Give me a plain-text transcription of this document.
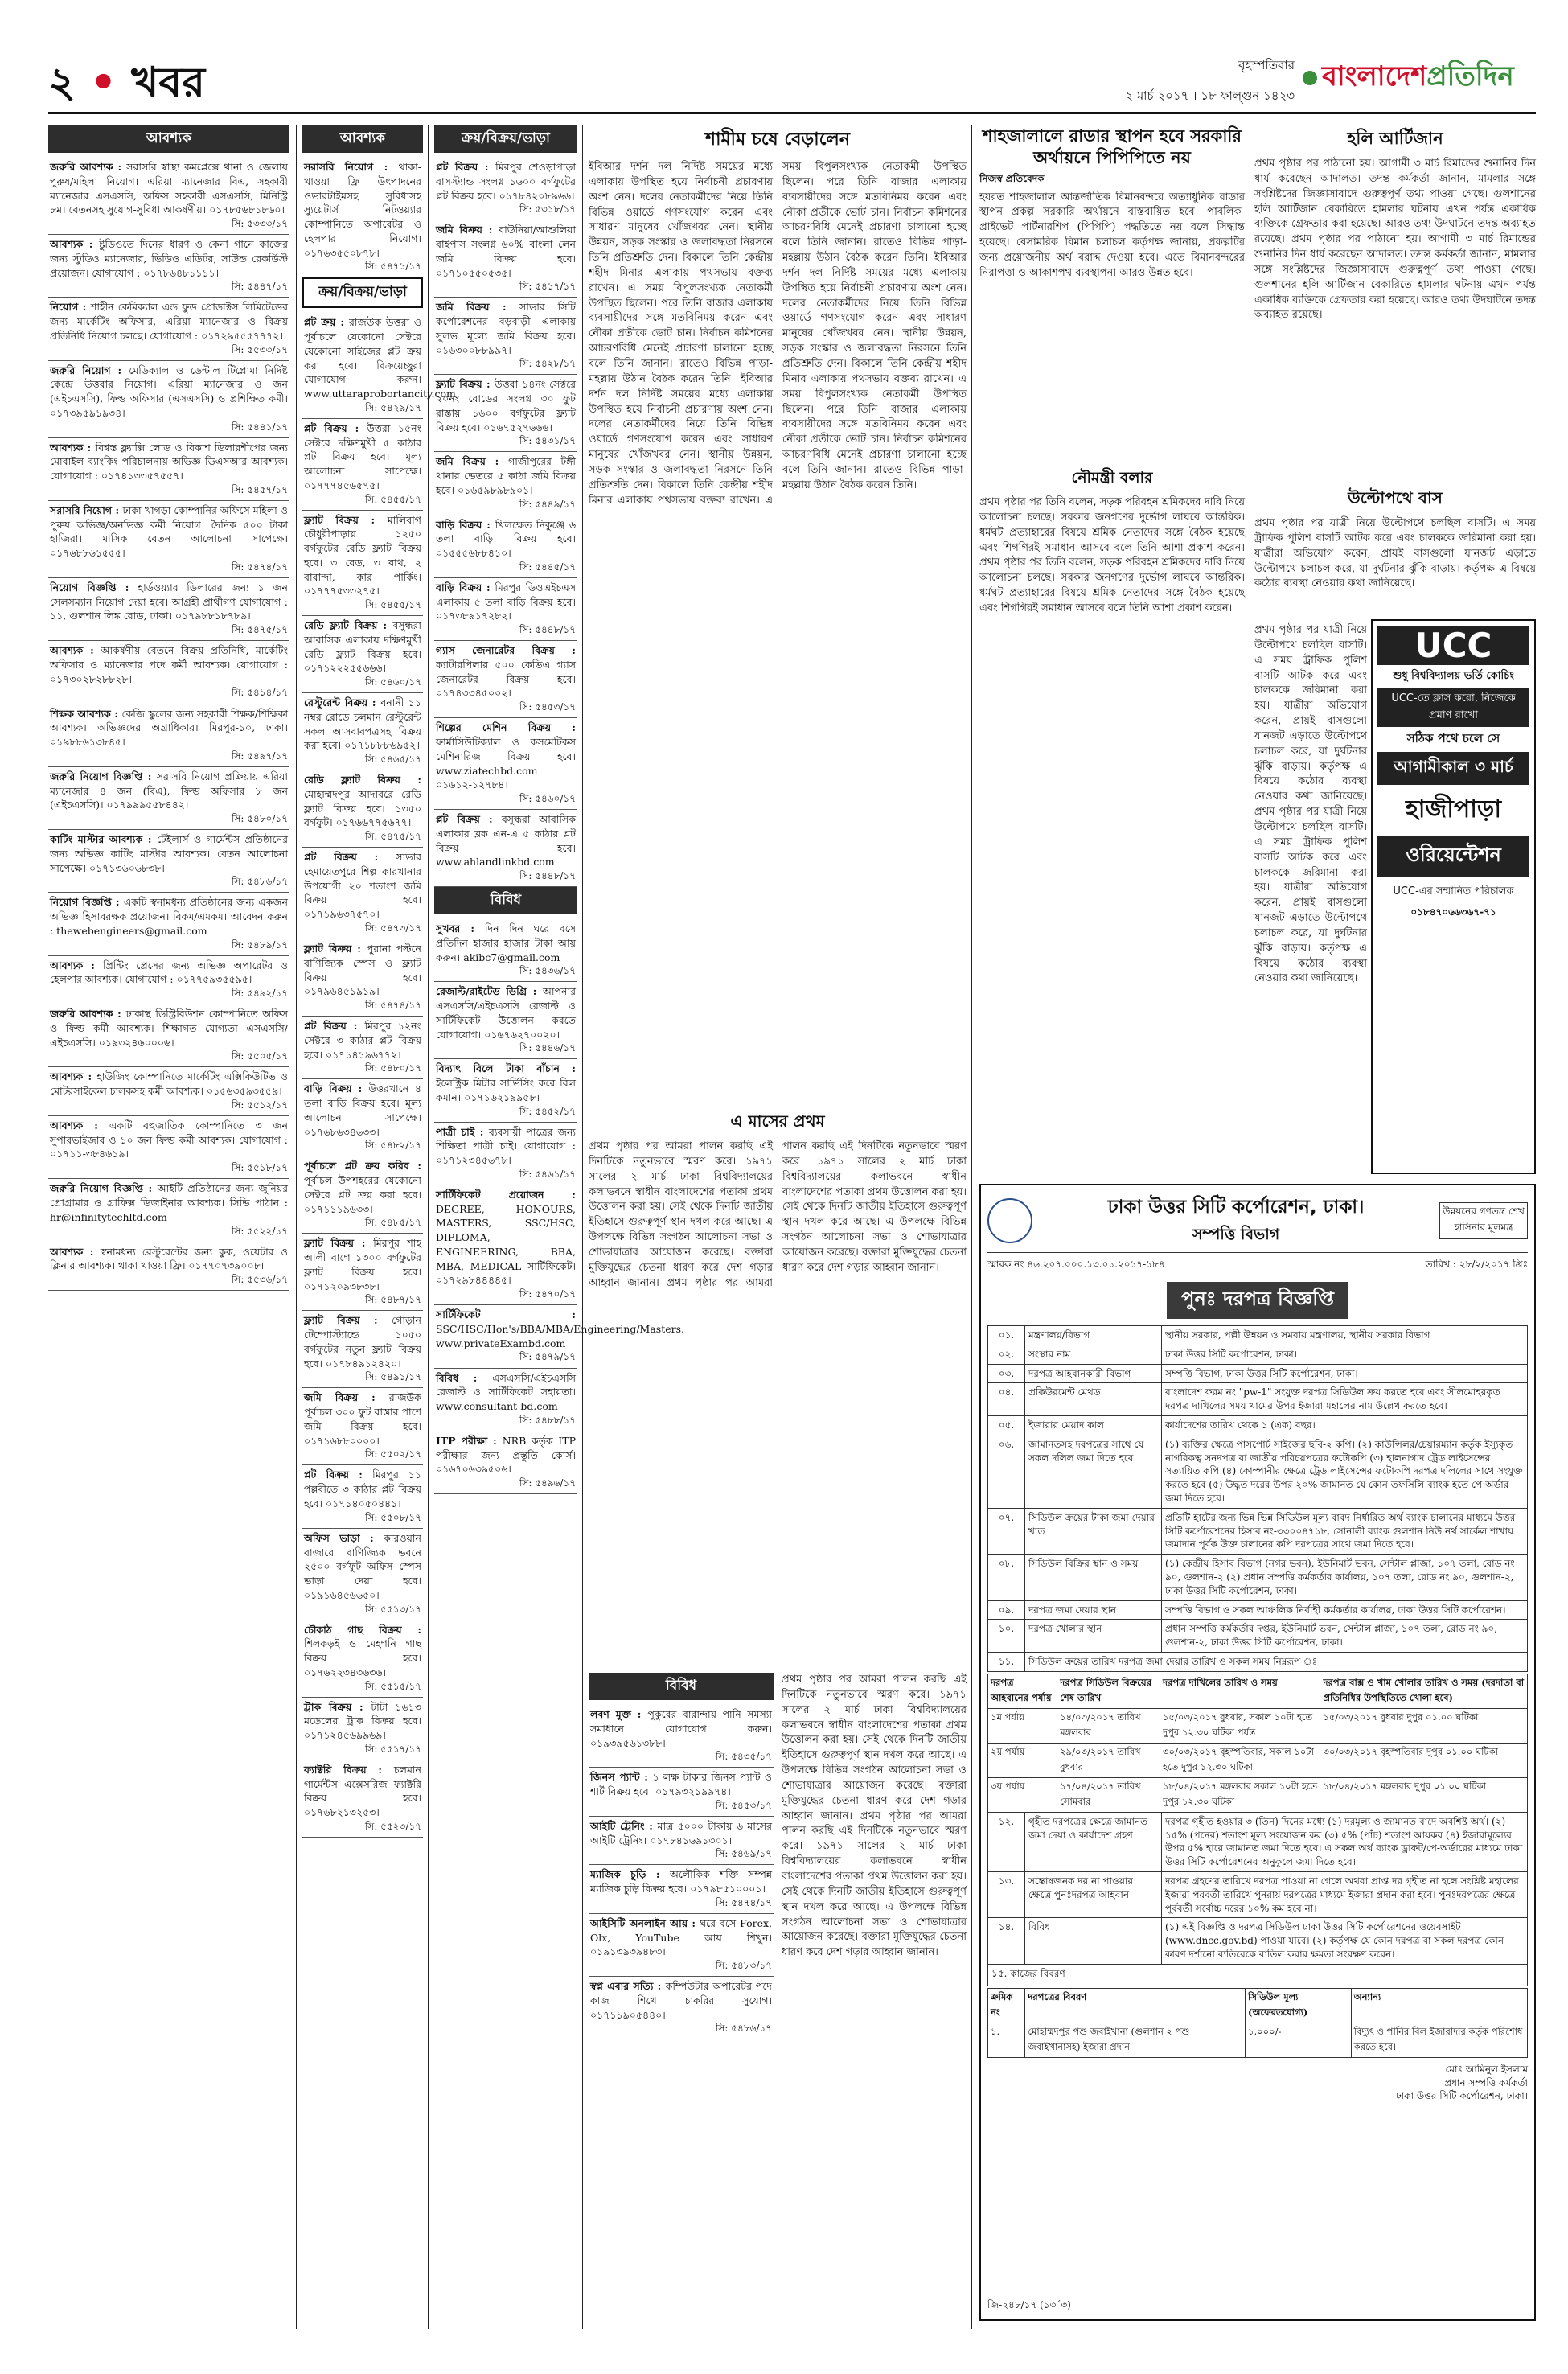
২ • খবর	বৃহস্পতিবার
২ মার্চ ২০১৭ । ১৮ ফাল্গুন ১৪২৩
বাংলাদেশ প্রতিদিন
আবশ্যক
জরুরি আবশ্যক : সরাসরি স্বাস্থ্য কমপ্লেক্সে থানা ও জেলায় পুরুষ/মহিলা নিয়োগ। এরিয়া ম্যানেজার বিএ, সহকারী ম্যানেজার এসএসসি, অফিস সহকারী এসএসসি, মিনিস্ট্রি ৮ম। বেতনসহ সুযোগ-সুবিধা আকর্ষণীয়। ০১৭৮৫৬৮১৮৬০।
সি: ৫৩৩৩/১৭
আবশ্যক : ষ্টুডিওতে দিনের ধারণ ও কেনা গানে কাজের জন্য স্টুডিও ম্যানেজার, ভিডিও এডিটর, সাউন্ড রেকর্ডিস্ট প্রয়োজন। যোগাযোগ : ০১৭৮৬৪৮১১১১।
সি: ৫৪৪৭/১৭
নিয়োগ : শাহীন কেমিক্যাল এন্ড ফুড প্রোডাক্টস লিমিটেডের জন্য মার্কেটিং অফিসার, এরিয়া ম্যানেজার ও বিক্রয় প্রতিনিধি নিয়োগ চলছে। যোগাযোগ : ০১৭২৯৫৫৫৭৭৭২।
সি: ৫৫৩৩/১৭
জরুরি নিয়োগ : মেডিক্যাল ও ডেন্টাল টিপ্লোমা নির্দিষ্ট কেন্দ্রে উত্তরার নিয়োগ। এরিয়া ম্যানেজার ও জন (এইচএসসি), ফিল্ড অফিসার (এসএসসি) ও প্রশিক্ষিত কর্মী। ০১৭৩৯৫৯১৯৩৪।
সি: ৫৪৪১/১৭
আবশ্যক : বিশ্বস্ত ফ্ল্যাক্সি লোড ও বিকাশ ডিলারশীপের জন্য মোবাইল ব্যাংকিং পরিচালনায় অভিজ্ঞ ডিএসআর আবশ্যক। যোগাযোগ : ০১৭৪১৩৩৫৭৫৫৭।
সি: ৫৪৫৭/১৭
সরাসরি নিয়োগ : ঢাকা-খাগড়া কোম্পানির অফিসে মহিলা ও পুরুষ অভিজ্ঞ/অনভিজ্ঞ কর্মী নিয়োগ। দৈনিক ৫০০ টাকা হাজিরা। মাসিক বেতন আলোচনা সাপেক্ষে। ০১৭৬৮৮৬১৫৫৫।
সি: ৫৪৭৪/১৭
নিয়োগ বিজ্ঞপ্তি : হার্ডওয়্যার ডিলারের জন্য ১ জন সেলসম্যান নিয়োগ দেয়া হবে। আগ্রহী প্রার্থীগণ যোগাযোগ : ১১, গুলশান লিঙ্ক রোড, ঢাকা। ০১৭৯৮৮১৮৭৮৯।
সি: ৫৪৭৫/১৭
আবশ্যক : আকর্ষণীয় বেতনে বিক্রয় প্রতিনিধি, মার্কেটিং অফিসার ও ম্যানেজার পদে কর্মী আবশ্যক। যোগাযোগ : ০১৭৩০২৮২৮৮২৮।
সি: ৫৪১৪/১৭
শিক্ষক আবশ্যক : কেজি স্কুলের জন্য সহকারী শিক্ষক/শিক্ষিকা আবশ্যক। অভিজ্ঞদের অগ্রাধিকার। মিরপুর-১০, ঢাকা। ০১৯৮৮৬১৩৮৪৫।
সি: ৫৪৯৭/১৭
জরুরি নিয়োগ বিজ্ঞপ্তি : সরাসরি নিয়োগ প্রক্রিয়ায় এরিয়া ম্যানেজার ৪ জন (বিএ), ফিল্ড অফিসার ৮ জন (এইচএসসি)। ০১৭৯৯৯৫৫৮৪৪২।
সি: ৫৪৮০/১৭
কাটিং মাস্টার আবশ্যক : টেইলার্স ও গার্মেন্টস প্রতিষ্ঠানের জন্য অভিজ্ঞ কাটিং মাস্টার আবশ্যক। বেতন আলোচনা সাপেক্ষে। ০১৭১৩৬০৬৮৩৮।
সি: ৫৪৮৬/১৭
নিয়োগ বিজ্ঞপ্তি : একটি স্বনামধন্য প্রতিষ্ঠানের জন্য একজন অভিজ্ঞ হিসাবরক্ষক প্রয়োজন। বিকম/এমকম। আবেদন করুন : thewebengineers@gmail.com
সি: ৫৪৮৯/১৭
আবশ্যক : প্রিন্টিং প্রেসের জন্য অভিজ্ঞ অপারেটর ও হেলপার আবশ্যক। যোগাযোগ : ০১৭৭৫৯৩৫৫৯৫।
সি: ৫৪৯২/১৭
জরুরি আবশ্যক : ঢাকাস্থ ডিস্ট্রিবিউশন কোম্পানিতে অফিস ও ফিল্ড কর্মী আবশ্যক। শিক্ষাগত যোগ্যতা এসএসসি/এইচএসসি। ০১৯৩২৪৬০০০৬।
সি: ৫৫০৫/১৭
আবশ্যক : হাউজিং কোম্পানিতে মার্কেটিং এক্সিকিউটিভ ও মোটরসাইকেল চালকসহ কর্মী আবশ্যক। ০১৫৬৩৫৯৩৫৫৯।
সি: ৫৫১২/১৭
আবশ্যক : একটি বহুজাতিক কোম্পানিতে ৩ জন সুপারভাইজার ও ১০ জন ফিল্ড কর্মী আবশ্যক। যোগাযোগ : ০১৭১১-৩৮৪৬১৯।
সি: ৫৫১৮/১৭
জরুরি নিয়োগ বিজ্ঞপ্তি : আইটি প্রতিষ্ঠানের জন্য জুনিয়র প্রোগ্রামার ও গ্রাফিক্স ডিজাইনার আবশ্যক। সিভি পাঠান : hr@infinitytechltd.com
সি: ৫৫২২/১৭
আবশ্যক : স্বনামধন্য রেস্টুরেন্টের জন্য কুক, ওয়েটার ও ক্লিনার আবশ্যক। থাকা খাওয়া ফ্রি। ০১৭৭০৭৩৯০০৮।
সি: ৫৫৩৬/১৭
আবশ্যক
সরাসরি নিয়োগ : থাকা-খাওয়া ফ্রি উৎপাদনের ওভারটাইমসহ সুবিধাসহ স্যুয়েটার্স নিটওয়্যার কোম্পানিতে অপারেটর ও হেলপার নিয়োগ। ০১৭৬৩৫৫০৮৭৮।
সি: ৫৪৭১/১৭
ক্রয়/বিক্রয়/ভাড়া
প্লট ক্রয় : রাজউক উত্তরা ও পূর্বাচলে যেকোনো সেক্টরে যেকোনো সাইজের প্লট ক্রয় করা হবে। বিক্রয়েচ্ছুরা যোগাযোগ করুন। www.uttaraprobortancity.com
সি: ৫৪২৯/১৭
প্লট বিক্রয় : উত্তরা ১৫নং সেক্টরে দক্ষিণমুখী ৫ কাঠার প্লট বিক্রয় হবে। মূল্য আলোচনা সাপেক্ষে। ০১৭৭৭৪৫৬৫৭৫।
সি: ৫৪৫৫/১৭
ফ্ল্যাট বিক্রয় : মালিবাগ চৌধুরীপাড়ায় ১২৫০ বর্গফুটের রেডি ফ্ল্যাট বিক্রয় হবে। ৩ বেড, ৩ বাথ, ২ বারান্দা, কার পার্কিং। ০১৭৭৭৫৩৩২৭৫।
সি: ৫৪৫৫/১৭
রেডি ফ্ল্যাট বিক্রয় : বসুন্ধরা আবাসিক এলাকায় দক্ষিণমুখী রেডি ফ্ল্যাট বিক্রয় হবে। ০১৭১২২২৫৫৬৬৬।
সি: ৫৪৬০/১৭
রেস্টুরেন্ট বিক্রয় : বনানী ১১ নম্বর রোডে চলমান রেস্টুরেন্ট সকল আসবাবপত্রসহ বিক্রয় করা হবে। ০১৭১৮৮৮৬৯৫২।
সি: ৫৪৬৫/১৭
রেডি ফ্ল্যাট বিক্রয় : মোহাম্মদপুর আদাবরে রেডি ফ্ল্যাট বিক্রয় হবে। ১৩৫০ বর্গফুট। ০১৭৬৬৭৭৫৬৭৭।
সি: ৫৪৭৫/১৭
প্লট বিক্রয় : সাভার হেমায়েতপুরে শিল্প কারখানার উপযোগী ২০ শতাংশ জমি বিক্রয় হবে। ০১৭১৯৬৩৭৫৭০।
সি: ৫৪৭৩/১৭
ফ্ল্যাট বিক্রয় : পুরানা পল্টনে বাণিজ্যিক স্পেস ও ফ্ল্যাট বিক্রয় হবে। ০১৭৯৬৪৫১৯১৯।
সি: ৫৪৭৪/১৭
প্লট বিক্রয় : মিরপুর ১২নং সেক্টরে ৩ কাঠার প্লট বিক্রয় হবে। ০১৭১৪১৯৬৭৭২।
সি: ৫৪৮০/১৭
বাড়ি বিক্রয় : উত্তরখানে ৪ তলা বাড়ি বিক্রয় হবে। মূল্য আলোচনা সাপেক্ষে। ০১৭৬৮৬৩৪৬৩৩।
সি: ৫৪৮২/১৭
পূর্বাচলে প্লট ক্রয় করিব : পূর্বাচল উপশহরের যেকোনো সেক্টরে প্লট ক্রয় করা হবে। ০১৭১১১৯৬৩৩।
সি: ৫৪৮৫/১৭
ফ্ল্যাট বিক্রয় : মিরপুর শাহ আলী বাগে ১৩০০ বর্গফুটের ফ্ল্যাট বিক্রয় হবে। ০১৭১২০৯৩৮৩৮।
সি: ৫৪৮৭/১৭
ফ্ল্যাট বিক্রয় : গোড়ান টেম্পোস্ট্যান্ডে ১০৫০ বর্গফুটের নতুন ফ্ল্যাট বিক্রয় হবে। ০১৭৮৪৯১২৪২০।
সি: ৫৪৯১/১৭
জমি বিক্রয় : রাজউক পূর্বাচল ৩০০ ফুট রাস্তার পাশে জমি বিক্রয় হবে। ০১৭১৬৮৮০০০০।
সি: ৫৫০২/১৭
প্লট বিক্রয় : মিরপুর ১১ পল্লবীতে ৩ কাঠার প্লট বিক্রয় হবে। ০১৭১৪০৫০৪৪১।
সি: ৫৫০৮/১৭
অফিস ভাড়া : কারওয়ান বাজারে বাণিজ্যিক ভবনে ২৫০০ বর্গফুট অফিস স্পেস ভাড়া দেয়া হবে। ০১৯১৬৪৫৬৬৫০।
সি: ৫৫১৩/১৭
চৌকাঠ গাছ বিক্রয় : শিলকড়ই ও মেহগনি গাছ বিক্রয় হবে। ০১৭৬২২৩৪৩৬৩৬।
সি: ৫৫১৫/১৭
ট্রাক বিক্রয় : টাটা ১৬১৩ মডেলের ট্রাক বিক্রয় হবে। ০১৭১২৪৫৬৯৯৬৯।
সি: ৫৫১৭/১৭
ফ্যাক্টরি বিক্রয় : চলমান গার্মেন্টস এক্সেসরিজ ফ্যাক্টরি বিক্রয় হবে। ০১৭৬৮২১৩২৫৩।
সি: ৫৫২৩/১৭
ক্রয়/বিক্রয়/ভাড়া
প্লট বিক্রয় : মিরপুর শেওড়াপাড়া বাসস্ট্যান্ড সংলগ্ন ১৬০০ বর্গফুটের প্লট বিক্রয় হবে। ০১৭৮৪২০৮৯৬৬।
সি: ৫৩১৮/১৭
জমি বিক্রয় : বাউনিয়া/আশুলিয়া বাইপাস সংলগ্ন ৬০% বাংলা লেন জমি বিক্রয় হবে। ০১৭১০৫৫০৫৩৫।
সি: ৫৪১৭/১৭
জমি বিক্রয় : সাভার সিটি কর্পোরেশনের বড়বাড়ী এলাকায় সুলভ মূল্যে জমি বিক্রয় হবে। ০১৬৩০০৮৮৯৯৭।
সি: ৫৪২৮/১৭
ফ্ল্যাট বিক্রয় : উত্তরা ১৪নং সেক্টরে ২০নং রোডের সংলগ্ন ৩০ ফুট রাস্তায় ১৬০০ বর্গফুটের ফ্ল্যাট বিক্রয় হবে। ০১৬৭৫২৭৬৬৬।
সি: ৫৪৩১/১৭
জমি বিক্রয় : গাজীপুরের টঙ্গী থানার ভেতরে ৫ কাঠা জমি বিক্রয় হবে। ০১৬৫৯৮৯৮৯০১।
সি: ৫৪৪৯/১৭
বাড়ি বিক্রয় : খিলক্ষেত নিকুঞ্জে ৬ তলা বাড়ি বিক্রয় হবে। ০১৫৫৫৬৮৮৪১০।
সি: ৫৪৪৫/১৭
বাড়ি বিক্রয় : মিরপুর ডিওএইচএস এলাকায় ৫ তলা বাড়ি বিক্রয় হবে। ০১৭৩৮৯১৭২৮২।
সি: ৫৪৪৮/১৭
গ্যাস জেনারেটর বিক্রয় : ক্যাটারপিলার ৫০০ কেভিএ গ্যাস জেনারেটর বিক্রয় হবে। ০১৭৪৩৩৪৫০০২।
সি: ৫৪৫৩/১৭
শিল্পের মেশিন বিক্রয় : ফার্মাসিউটিক্যাল ও কসমেটিকস মেশিনারিজ বিক্রয় হবে। www.ziatechbd.com ০১৬১২-১২৭৮৪।
সি: ৫৪৬০/১৭
প্লট বিক্রয় : বসুন্ধরা আবাসিক এলাকার ব্লক এন-এ ৫ কাঠার প্লট বিক্রয় হবে। www.ahlandlinkbd.com
সি: ৫৪৪৮/১৭
বিবিধ
সুখবর : দিন দিন ঘরে বসে প্রতিদিন হাজার হাজার টাকা আয় করুন। akibc7@gmail.com
সি: ৫৪৩৬/১৭
রেজাল্ট/রাইটেড ডিগ্রি : আপনার এসএসসি/এইচএসসি রেজাল্ট ও সার্টিফিকেট উত্তোলন করতে যোগাযোগ। ০১৬৭৬২৭০০২০।
সি: ৫৪৪৬/১৭
বিদ্যাৎ বিলে টাকা বাঁচান : ইলেক্ট্রিক মিটার সার্ভিসিং করে বিল কমান। ০১৭১৬২১৯৯৫৮।
সি: ৫৪৫২/১৭
পাত্রী চাই : ব্যবসায়ী পাত্রের জন্য শিক্ষিতা পাত্রী চাই। যোগাযোগ : ০১৭১২৩৪৫৬৭৮।
সি: ৫৪৬১/১৭
সার্টিফিকেট প্রয়োজন : DEGREE, HONOURS, MASTERS, SSC/HSC, DIPLOMA, ENGINEERING, BBA, MBA, MEDICAL সার্টিফিকেট। ০১৭২৯৮৪৪৪৪৫।
সি: ৫৪৭০/১৭
সার্টিফিকেট : SSC/HSC/Hon's/BBA/MBA/Engineering/Masters. www.privateExambd.com
সি: ৫৪৭৯/১৭
বিবিধ : এসএসসি/এইচএসসি রেজাল্ট ও সার্টিফিকেট সহায়তা। www.consultant-bd.com
সি: ৫৪৮৮/১৭
ITP পরীক্ষা : NRB কর্তৃক ITP পরীক্ষার জন্য প্রস্তুতি কোর্স। ০১৬৭০৬৩৯৫০৬।
সি: ৫৪৯৬/১৭
শামীম চষে বেড়ালেন
ইবিআর দর্শন দল নির্দিষ্ট সময়ের মধ্যে এলাকায় উপস্থিত হয়ে নির্বাচনী প্রচারণায় অংশ নেন। দলের নেতাকর্মীদের নিয়ে তিনি বিভিন্ন ওয়ার্ডে গণসংযোগ করেন এবং সাধারণ মানুষের খোঁজখবর নেন। স্থানীয় উন্নয়ন, সড়ক সংস্কার ও জলাবদ্ধতা নিরসনে তিনি প্রতিশ্রুতি দেন। বিকালে তিনি কেন্দ্রীয় শহীদ মিনার এলাকায় পথসভায় বক্তব্য রাখেন। এ সময় বিপুলসংখ্যক নেতাকর্মী উপস্থিত ছিলেন। পরে তিনি বাজার এলাকায় ব্যবসায়ীদের সঙ্গে মতবিনিময় করেন এবং নৌকা প্রতীকে ভোট চান। নির্বাচন কমিশনের আচরণবিধি মেনেই প্রচারণা চালানো হচ্ছে বলে তিনি জানান। রাতেও বিভিন্ন পাড়া-মহল্লায় উঠান বৈঠক করেন তিনি। ইবিআর দর্শন দল নির্দিষ্ট সময়ের মধ্যে এলাকায় উপস্থিত হয়ে নির্বাচনী প্রচারণায় অংশ নেন। দলের নেতাকর্মীদের নিয়ে তিনি বিভিন্ন ওয়ার্ডে গণসংযোগ করেন এবং সাধারণ মানুষের খোঁজখবর নেন। স্থানীয় উন্নয়ন, সড়ক সংস্কার ও জলাবদ্ধতা নিরসনে তিনি প্রতিশ্রুতি দেন। বিকালে তিনি কেন্দ্রীয় শহীদ মিনার এলাকায় পথসভায় বক্তব্য রাখেন। এ সময় বিপুলসংখ্যক নেতাকর্মী উপস্থিত ছিলেন। পরে তিনি বাজার এলাকায় ব্যবসায়ীদের সঙ্গে মতবিনিময় করেন এবং নৌকা প্রতীকে ভোট চান। নির্বাচন কমিশনের আচরণবিধি মেনেই প্রচারণা চালানো হচ্ছে বলে তিনি জানান। রাতেও বিভিন্ন পাড়া-মহল্লায় উঠান বৈঠক করেন তিনি। ইবিআর দর্শন দল নির্দিষ্ট সময়ের মধ্যে এলাকায় উপস্থিত হয়ে নির্বাচনী প্রচারণায় অংশ নেন। দলের নেতাকর্মীদের নিয়ে তিনি বিভিন্ন ওয়ার্ডে গণসংযোগ করেন এবং সাধারণ মানুষের খোঁজখবর নেন। স্থানীয় উন্নয়ন, সড়ক সংস্কার ও জলাবদ্ধতা নিরসনে তিনি প্রতিশ্রুতি দেন। বিকালে তিনি কেন্দ্রীয় শহীদ মিনার এলাকায় পথসভায় বক্তব্য রাখেন। এ সময় বিপুলসংখ্যক নেতাকর্মী উপস্থিত ছিলেন। পরে তিনি বাজার এলাকায় ব্যবসায়ীদের সঙ্গে মতবিনিময় করেন এবং নৌকা প্রতীকে ভোট চান। নির্বাচন কমিশনের আচরণবিধি মেনেই প্রচারণা চালানো হচ্ছে বলে তিনি জানান। রাতেও বিভিন্ন পাড়া-মহল্লায় উঠান বৈঠক করেন তিনি।
এ মাসের প্রথম
প্রথম পৃষ্ঠার পর আমরা পালন করছি এই দিনটিকে নতুনভাবে স্মরণ করে। ১৯৭১ সালের ২ মার্চ ঢাকা বিশ্ববিদ্যালয়ের কলাভবনে স্বাধীন বাংলাদেশের পতাকা প্রথম উত্তোলন করা হয়। সেই থেকে দিনটি জাতীয় ইতিহাসে গুরুত্বপূর্ণ স্থান দখল করে আছে। এ উপলক্ষে বিভিন্ন সংগঠন আলোচনা সভা ও শোভাযাত্রার আয়োজন করেছে। বক্তারা মুক্তিযুদ্ধের চেতনা ধারণ করে দেশ গড়ার আহ্বান জানান। প্রথম পৃষ্ঠার পর আমরা পালন করছি এই দিনটিকে নতুনভাবে স্মরণ করে। ১৯৭১ সালের ২ মার্চ ঢাকা বিশ্ববিদ্যালয়ের কলাভবনে স্বাধীন বাংলাদেশের পতাকা প্রথম উত্তোলন করা হয়। সেই থেকে দিনটি জাতীয় ইতিহাসে গুরুত্বপূর্ণ স্থান দখল করে আছে। এ উপলক্ষে বিভিন্ন সংগঠন আলোচনা সভা ও শোভাযাত্রার আয়োজন করেছে। বক্তারা মুক্তিযুদ্ধের চেতনা ধারণ করে দেশ গড়ার আহ্বান জানান।
বিবিধ
লবণ মুক্ত : পুকুরের বারান্দায় পানি সমস্যা সমাধানে যোগাযোগ করুন। ০১৯৩৯৫৬১৩৮৮।
সি: ৫৪৩৫/১৭
জিনস প্যান্ট : ১ লক্ষ টাকার জিনস প্যান্ট ও শার্ট বিক্রয় হবে। ০১৭৯৩২১৯৯৭৪।
সি: ৫৪৫৩/১৭
আইটি ট্রেনিং : মাত্র ৫০০০ টাকায় ৬ মাসের আইটি ট্রেনিং। ০১৭৮৪১৬৯১৩০১।
সি: ৫৪৬৯/১৭
ম্যাজিক চুড়ি : অলৌকিক শক্তি সম্পন্ন ম্যাজিক চুড়ি বিক্রয় হবে। ০১৭৯৮৫১০০০১।
সি: ৫৪৭৪/১৭
আইসিটি অনলাইন আয় : ঘরে বসে Forex, Olx, YouTube আয় শিখুন। ০১৯১৩৯৩৯৪৮৩।
সি: ৫৪৮৩/১৭
স্বপ্ন এবার সত্যি : কম্পিউটার অপারেটর পদে কাজ শিখে চাকরির সুযোগ। ০১৭১১৯০৫৪৪০।
সি: ৫৪৮৬/১৭
প্রথম পৃষ্ঠার পর আমরা পালন করছি এই দিনটিকে নতুনভাবে স্মরণ করে। ১৯৭১ সালের ২ মার্চ ঢাকা বিশ্ববিদ্যালয়ের কলাভবনে স্বাধীন বাংলাদেশের পতাকা প্রথম উত্তোলন করা হয়। সেই থেকে দিনটি জাতীয় ইতিহাসে গুরুত্বপূর্ণ স্থান দখল করে আছে। এ উপলক্ষে বিভিন্ন সংগঠন আলোচনা সভা ও শোভাযাত্রার আয়োজন করেছে। বক্তারা মুক্তিযুদ্ধের চেতনা ধারণ করে দেশ গড়ার আহ্বান জানান। প্রথম পৃষ্ঠার পর আমরা পালন করছি এই দিনটিকে নতুনভাবে স্মরণ করে। ১৯৭১ সালের ২ মার্চ ঢাকা বিশ্ববিদ্যালয়ের কলাভবনে স্বাধীন বাংলাদেশের পতাকা প্রথম উত্তোলন করা হয়। সেই থেকে দিনটি জাতীয় ইতিহাসে গুরুত্বপূর্ণ স্থান দখল করে আছে। এ উপলক্ষে বিভিন্ন সংগঠন আলোচনা সভা ও শোভাযাত্রার আয়োজন করেছে। বক্তারা মুক্তিযুদ্ধের চেতনা ধারণ করে দেশ গড়ার আহ্বান জানান।
শাহজালালে রাডার স্থাপন হবে সরকারি অর্থায়নে পিপিপিতে নয়
নিজস্ব প্রতিবেদক
হযরত শাহজালাল আন্তর্জাতিক বিমানবন্দরে অত্যাধুনিক রাডার স্থাপন প্রকল্প সরকারি অর্থায়নে বাস্তবায়িত হবে। পাবলিক-প্রাইভেট পার্টনারশিপ (পিপিপি) পদ্ধতিতে নয় বলে সিদ্ধান্ত হয়েছে। বেসামরিক বিমান চলাচল কর্তৃপক্ষ জানায়, প্রকল্পটির জন্য প্রয়োজনীয় অর্থ বরাদ্দ দেওয়া হবে। এতে বিমানবন্দরের নিরাপত্তা ও আকাশপথ ব্যবস্থাপনা আরও উন্নত হবে।
নৌমন্ত্রী বলার
প্রথম পৃষ্ঠার পর তিনি বলেন, সড়ক পরিবহন শ্রমিকদের দাবি নিয়ে আলোচনা চলছে। সরকার জনগণের দুর্ভোগ লাঘবে আন্তরিক। ধর্মঘট প্রত্যাহারের বিষয়ে শ্রমিক নেতাদের সঙ্গে বৈঠক হয়েছে এবং শিগগিরই সমাধান আসবে বলে তিনি আশা প্রকাশ করেন। প্রথম পৃষ্ঠার পর তিনি বলেন, সড়ক পরিবহন শ্রমিকদের দাবি নিয়ে আলোচনা চলছে। সরকার জনগণের দুর্ভোগ লাঘবে আন্তরিক। ধর্মঘট প্রত্যাহারের বিষয়ে শ্রমিক নেতাদের সঙ্গে বৈঠক হয়েছে এবং শিগগিরই সমাধান আসবে বলে তিনি আশা প্রকাশ করেন।
হলি আর্টিজান
প্রথম পৃষ্ঠার পর পাঠানো হয়। আগামী ৩ মার্চ রিমান্ডের শুনানির দিন ধার্য করেছেন আদালত। তদন্ত কর্মকর্তা জানান, মামলার সঙ্গে সংশ্লিষ্টদের জিজ্ঞাসাবাদে গুরুত্বপূর্ণ তথ্য পাওয়া গেছে। গুলশানের হলি আর্টিজান বেকারিতে হামলার ঘটনায় এখন পর্যন্ত একাধিক ব্যক্তিকে গ্রেফতার করা হয়েছে। আরও তথ্য উদঘাটনে তদন্ত অব্যাহত রয়েছে। প্রথম পৃষ্ঠার পর পাঠানো হয়। আগামী ৩ মার্চ রিমান্ডের শুনানির দিন ধার্য করেছেন আদালত। তদন্ত কর্মকর্তা জানান, মামলার সঙ্গে সংশ্লিষ্টদের জিজ্ঞাসাবাদে গুরুত্বপূর্ণ তথ্য পাওয়া গেছে। গুলশানের হলি আর্টিজান বেকারিতে হামলার ঘটনায় এখন পর্যন্ত একাধিক ব্যক্তিকে গ্রেফতার করা হয়েছে। আরও তথ্য উদঘাটনে তদন্ত অব্যাহত রয়েছে।
উল্টোপথে বাস
প্রথম পৃষ্ঠার পর যাত্রী নিয়ে উল্টোপথে চলছিল বাসটি। এ সময় ট্রাফিক পুলিশ বাসটি আটক করে এবং চালককে জরিমানা করা হয়। যাত্রীরা অভিযোগ করেন, প্রায়ই বাসগুলো যানজট এড়াতে উল্টোপথে চলাচল করে, যা দুর্ঘটনার ঝুঁকি বাড়ায়। কর্তৃপক্ষ এ বিষয়ে কঠোর ব্যবস্থা নেওয়ার কথা জানিয়েছে।
প্রথম পৃষ্ঠার পর যাত্রী নিয়ে উল্টোপথে চলছিল বাসটি। এ সময় ট্রাফিক পুলিশ বাসটি আটক করে এবং চালককে জরিমানা করা হয়। যাত্রীরা অভিযোগ করেন, প্রায়ই বাসগুলো যানজট এড়াতে উল্টোপথে চলাচল করে, যা দুর্ঘটনার ঝুঁকি বাড়ায়। কর্তৃপক্ষ এ বিষয়ে কঠোর ব্যবস্থা নেওয়ার কথা জানিয়েছে। প্রথম পৃষ্ঠার পর যাত্রী নিয়ে উল্টোপথে চলছিল বাসটি। এ সময় ট্রাফিক পুলিশ বাসটি আটক করে এবং চালককে জরিমানা করা হয়। যাত্রীরা অভিযোগ করেন, প্রায়ই বাসগুলো যানজট এড়াতে উল্টোপথে চলাচল করে, যা দুর্ঘটনার ঝুঁকি বাড়ায়। কর্তৃপক্ষ এ বিষয়ে কঠোর ব্যবস্থা নেওয়ার কথা জানিয়েছে।
UCC
শুধু বিশ্ববিদ্যালয় ভর্তি কোচিং
UCC-তে ক্লাস করো, নিজেকে প্রমাণ রাখো
সঠিক পথে চলে সে
আগামীকাল ৩ মার্চ
হাজীপাড়া
ওরিয়েন্টেশন
UCC-এর সম্মানিত পরিচালক
০১৮৪৭০৬৬৩৬৭-৭১
ঢাকা উত্তর সিটি কর্পোরেশন, ঢাকা।
সম্পত্তি বিভাগ
উন্নয়নের গণতন্ত্র শেখ হাসিনার মূলমন্ত্র
স্মারক নং ৪৬.২০৭.০০০.১৩.০১.২০১৭-১৮৪	তারিখ : ২৮/২/২০১৭ খ্রিঃ
পুনঃ দরপত্র বিজ্ঞপ্তি
০১.	মন্ত্রণালয়/বিভাগ	স্থানীয় সরকার, পল্লী উন্নয়ন ও সমবায় মন্ত্রণালয়, স্থানীয় সরকার বিভাগ
০২.	সংস্থার নাম	ঢাকা উত্তর সিটি কর্পোরেশন, ঢাকা।
০৩.	দরপত্র আহবানকারী বিভাগ	সম্পত্তি বিভাগ, ঢাকা উত্তর সিটি কর্পোরেশন, ঢাকা।
০৪.	প্রকিউরমেন্ট মেথড	বাংলাদেশ ফরম নং "pw-1" সংযুক্ত দরপত্র সিডিউল ক্রয় করতে হবে এবং সীলমোহরকৃত দরপত্র দাখিলের সময় খামের উপর ইজারা মহালের নাম উল্লেখ করতে হবে।
০৫.	ইজারার মেয়াদ কাল	কার্যাদেশের তারিখ থেকে ১ (এক) বছর।
০৬.	জামানতসহ দরপত্রের সাথে যে সকল দলিল জমা দিতে হবে	(১) ব্যক্তির ক্ষেত্রে পাসপোর্ট সাইজের ছবি-২ কপি। (২) কাউন্সিলর/চেয়ারম্যান কর্তৃক ইস্যুকৃত নাগরিকত্ব সনদপত্র বা জাতীয় পরিচয়পত্রের ফটোকপি (৩) হালনাগাদ ট্রেড লাইসেন্সের সত্যায়িত কপি (৪) কোম্পানীর ক্ষেত্রে ট্রেড লাইসেন্সের ফটোকপি দরপত্র দলিলের সাথে সংযুক্ত করতে হবে (৫) উদ্ধৃত দরের উপর ২০% জামানত যে কোন তফসিলি ব্যাংক হতে পে-অর্ডার জমা দিতে হবে।
০৭.	সিডিউল ক্রয়ের টাকা জমা দেয়ার খাত	প্রতিটি হাটের জন্য ভিন্ন ভিন্ন সিডিউল মূল্য বাবদ নির্ধারিত অর্থ ব্যাংক চালানের মাধ্যমে উত্তর সিটি কর্পোরেশনের হিসাব নং-৩৩০০৪৭১৮, সোনালী ব্যাংক গুলশান নিউ নর্থ সার্কেল শাখায় জমাদান পূর্বক উক্ত চালানের কপি দরপত্রের সাথে জমা দিতে হবে।
০৮.	সিডিউল বিক্রির স্থান ও সময়	(১) কেন্দ্রীয় হিসাব বিভাগ (নগর ভবন), ইউনিমার্ট ভবন, সেন্টাল প্লাজা, ১০৭ তলা, রোড নং ৯০, গুলশান-২ (২) প্রধান সম্পত্তি কর্মকর্তার কার্যালয়, ১০৭ তলা, রোড নং ৯০, গুলশান-২, ঢাকা উত্তর সিটি কর্পোরেশন, ঢাকা।
০৯.	দরপত্র জমা দেয়ার স্থান	সম্পত্তি বিভাগ ও সকল আঞ্চলিক নির্বাহী কর্মকর্তার কার্যালয়, ঢাকা উত্তর সিটি কর্পোরেশন।
১০.	দরপত্র খোলার স্থান	প্রধান সম্পত্তি কর্মকর্তার দপ্তর, ইউনিমার্ট ভবন, সেন্টাল প্লাজা, ১০৭ তলা, রোড নং ৯০, গুলশান-২, ঢাকা উত্তর সিটি কর্পোরেশন, ঢাকা।
১১.	সিডিউল ক্রয়ের তারিখ দরপত্র জমা দেয়ার তারিখ ও সকল সময় নিম্নরূপ ঃ
দরপত্র আহবানের পর্যায়	দরপত্র সিডিউল বিক্রয়ের শেষ তারিখ	দরপত্র দাখিলের তারিখ ও সময়	দরপত্র বাক্স ও খাম খোলার তারিখ ও সময় (দরদাতা বা প্রতিনিধির উপস্থিতিতে খোলা হবে)
১ম পর্যায়	১৪/০৩/২০১৭ তারিখ মঙ্গলবার	১৫/০৩/২০১৭ বুধবার, সকাল ১০টা হতে দুপুর ১২.৩০ ঘটিকা পর্যন্ত	১৫/০৩/২০১৭ বুধবার দুপুর ০১.০০ ঘটিকা
২য় পর্যায়	২৯/০৩/২০১৭ তারিখ বুধবার	৩০/০৩/২০১৭ বৃহস্পতিবার, সকাল ১০টা হতে দুপুর ১২.৩০ ঘটিকা	৩০/০৩/২০১৭ বৃহস্পতিবার দুপুর ০১.০০ ঘটিকা
৩য় পর্যায়	১৭/০৪/২০১৭ তারিখ সোমবার	১৮/০৪/২০১৭ মঙ্গলবার সকাল ১০টা হতে দুপুর ১২.৩০ ঘটিকা	১৮/০৪/২০১৭ মঙ্গলবার দুপুর ০১.০০ ঘটিকা
১২.	গৃহীত দরপত্রের ক্ষেত্রে জামানত জমা দেয়া ও কার্যাদেশ গ্রহণ	দরপত্র গৃহীত হওয়ার ৩ (তিন) দিনের মধ্যে (১) দরমূল্য ও জামানত বাদে অবশিষ্ট অর্থ। (২) ১৫% (পনের) শতাংশ মূল্য সংযোজন কর (৩) ৫% (পাঁচ) শতাংশ আয়কর (৪) ইজারামূল্যের উপর ৫% হারে জামানত জমা দিতে হবে। এ সকল অর্থ ব্যাংক ড্রাফট/পে-অর্ডারের মাধ্যমে ঢাকা উত্তর সিটি কর্পোরেশনের অনুকূলে জমা দিতে হবে।
১৩.	সন্তোষজনক দর না পাওয়ার ক্ষেত্রে পুনঃদরপত্র আহবান	দরপত্র গ্রহণের তারিখে দরপত্র পাওয়া না গেলে অথবা প্রাপ্ত দর গৃহীত না হলে সংশ্লিষ্ট মহালের ইজারা পরবর্তী তারিখে পুনরায় দরপত্রের মাধ্যমে ইজারা প্রদান করা হবে। পুনঃদরপত্রের ক্ষেত্রে পূর্ববর্তী সর্বোচ্চ দরের ১০% কম হবে না।
১৪.	বিবিধ	(১) এই বিজ্ঞপ্তি ও দরপত্র সিডিউল ঢাকা উত্তর সিটি কর্পোরেশনের ওয়েবসাইট (www.dncc.gov.bd) পাওয়া যাবে। (২) কর্তৃপক্ষ যে কোন দরপত্র বা সকল দরপত্র কোন কারণ দর্শানো ব্যতিরেকে বাতিল করার ক্ষমতা সংরক্ষণ করেন।
১৫. কাজের বিবরণ
ক্রমিক নং	দরপত্রের বিবরণ	সিডিউল মূল্য (অফেরতযোগ্য)	অন্যান্য
১.	মোহাম্মদপুর পশু জবাইখানা (গুলশান ২ পশু জবাইখানাসহ) ইজারা প্রদান	১,০০০/-	বিদ্যুৎ ও পানির বিল ইজারাদার কর্তৃক পরিশোধ করতে হবে।
মোঃ আমিনুল ইসলাম
প্রধান সম্পত্তি কর্মকর্তা
ঢাকা উত্তর সিটি কর্পোরেশন, ঢাকা।
জি-২৪৮/১৭ (১৩´৩)
